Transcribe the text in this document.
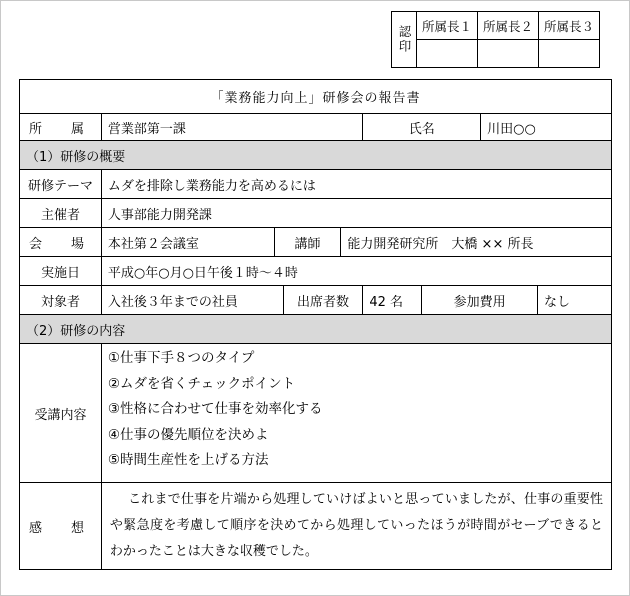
認印	所属長１	所属長２	所属長３

「業務能力向上」研修会の報告書								
所　属	営業部第一課				氏名		川田○○	
（1）研修の概要								
研修テーマ	ムダを排除し業務能力を高めるには							
主催者	人事部能力開発課							
会　場	本社第２会議室	講師		能力開発研究所　大橋 ×× 所長				
実施日	平成○年○月○日午後１時～４時							
対象者	入社後３年までの社員		出席者数		42 名	参加費用		なし
（2）研修の内容								
受講内容	①仕事下手８つのタイプ
②ムダを省くチェックポイント
③性格に合わせて仕事を効率化する
④仕事の優先順位を決めよ
⑤時間生産性を上げる方法							

感　想	これまで仕事を片端から処理していけばよいと思っていましたが、仕事の重要性や緊急度を考慮して順序を決めてから処理していったほうが時間がセーブできるとわかったことは大きな収穫でした。							
